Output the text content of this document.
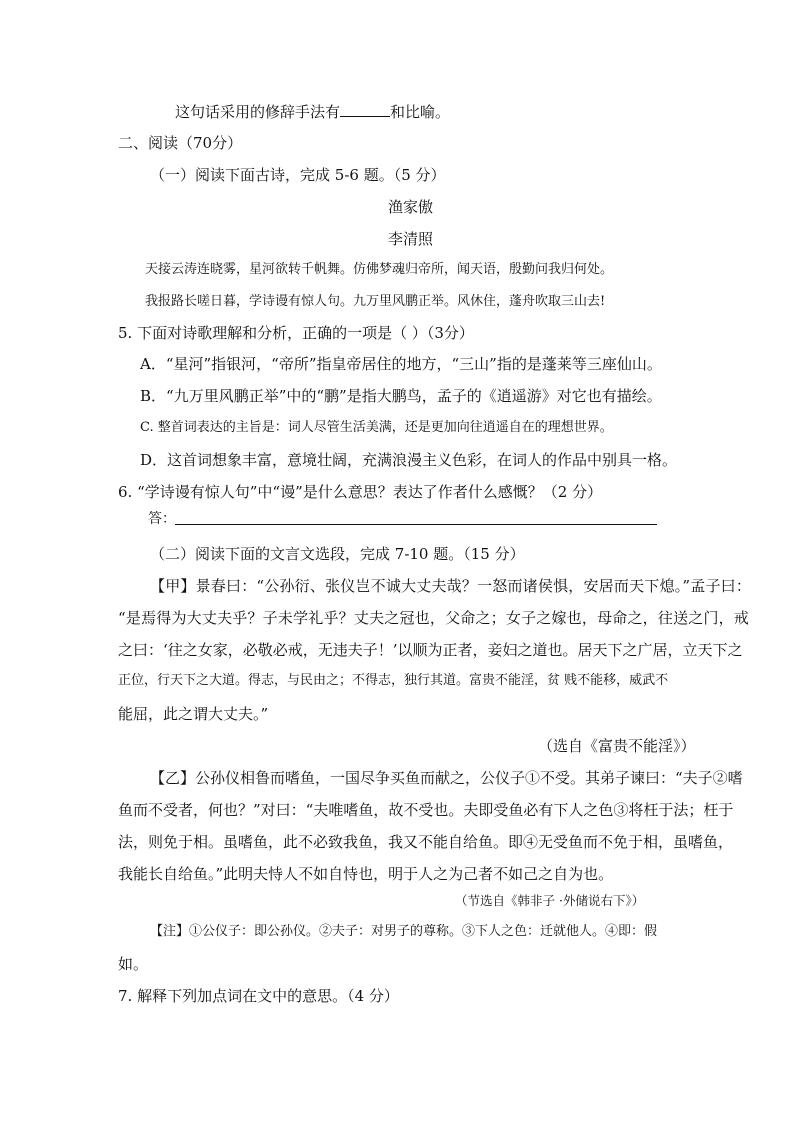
这句话采用的修辞手法有	和比喻。
二、阅读（70分）
（一）阅读下面古诗，完成 5-6 题。（5 分）
渔家傲
李清照
天接云涛连晓雾，星河欲转千帆舞。仿佛梦魂归帝所，闻天语，殷勤问我归何处。
我报路长嗟日暮，学诗谩有惊人句。九万里风鹏正举。风休住，蓬舟吹取三山去!
5. 下面对诗歌理解和分析，正确的一项是（ ）（3分）
A．“星河”指银河，“帝所”指皇帝居住的地方，“三山”指的是蓬莱等三座仙山。
B．“九万里风鹏正举”中的“鹏”是指大鹏鸟，孟子的《逍遥游》对它也有描绘。
C. 整首词表达的主旨是：词人尽管生活美满，还是更加向往逍遥自在的理想世界。
D．这首词想象丰富，意境壮阔，充满浪漫主义色彩，在词人的作品中别具一格。
6. “学诗谩有惊人句”中“谩”是什么意思？表达了作者什么感慨？（2 分）
答：
（二）阅读下面的文言文选段，完成 7-10 题。（15 分）
【甲】景春曰：“公孙衍、张仪岂不诚大丈夫哉？一怒而诸侯惧，安居而天下熄。”孟子曰：
“是焉得为大丈夫乎？子未学礼乎？丈夫之冠也，父命之；女子之嫁也，母命之，往送之门，戒
之曰：‘往之女家，必敬必戒，无违夫子！’以顺为正者，妾妇之道也。居天下之广居，立天下之
正位，行天下之大道。得志，与民由之；不得志，独行其道。富贵不能淫，贫 贱不能移，威武不
能屈，此之谓大丈夫。”
（选自《富贵不能淫》）
【乙】公孙仪相鲁而嗜鱼，一国尽争买鱼而献之，公仪子①不受。其弟子谏曰：“夫子②嗜
鱼而不受者，何也？”对曰：“夫唯嗜鱼，故不受也。夫即受鱼必有下人之色③将枉于法；枉于
法，则免于相。虽嗜鱼，此不必致我鱼，我又不能自给鱼。即④无受鱼而不免于相，虽嗜鱼，
我能长自给鱼。”此明夫恃人不如自恃也，明于人之为己者不如己之自为也。
（节选自《韩非子 ·外储说右下》）
【注】①公仪子：即公孙仪。②夫子：对男子的尊称。③下人之色：迁就他人。④即：假
如。
7. 解释下列加点词在文中的意思。（4 分）
